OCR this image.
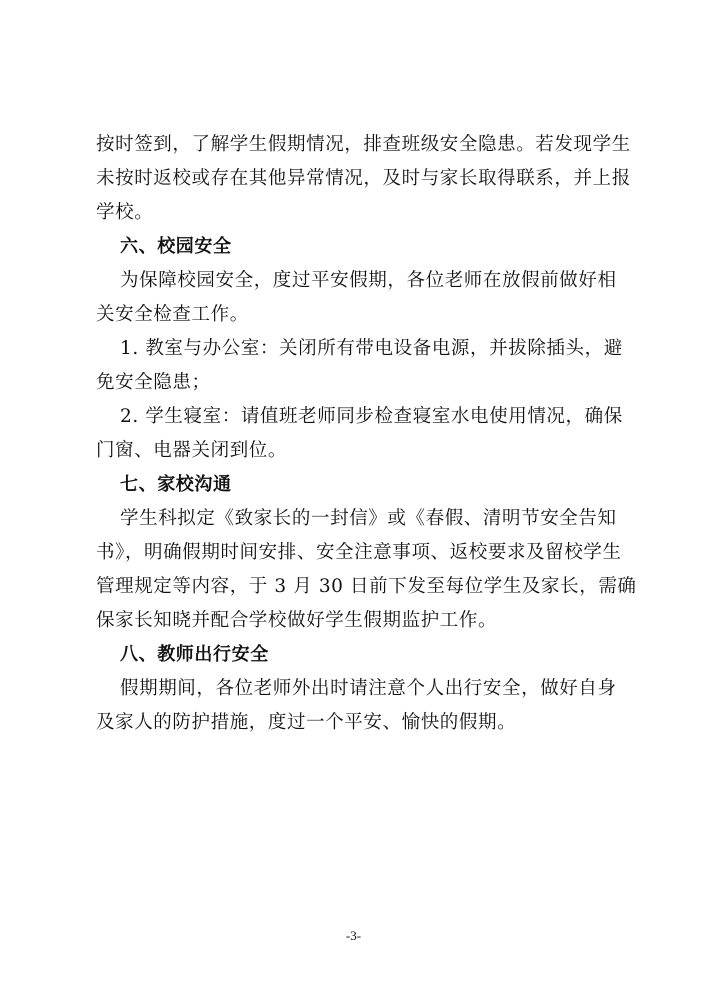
按时签到，了解学生假期情况，排查班级安全隐患。若发现学生
未按时返校或存在其他异常情况，及时与家长取得联系，并上报
学校。
六、校园安全
为保障校园安全，度过平安假期，各位老师在放假前做好相
关安全检查工作。
1. 教室与办公室：关闭所有带电设备电源，并拔除插头，避
免安全隐患；
2. 学生寝室：请值班老师同步检查寝室水电使用情况，确保
门窗、电器关闭到位。
七、家校沟通
学生科拟定《致家长的一封信》或《春假、清明节安全告知
书》，明确假期时间安排、安全注意事项、返校要求及留校学生
管理规定等内容，于 3 月 30 日前下发至每位学生及家长，需确
保家长知晓并配合学校做好学生假期监护工作。
八、教师出行安全
假期期间，各位老师外出时请注意个人出行安全，做好自身
及家人的防护措施，度过一个平安、愉快的假期。
-3-
